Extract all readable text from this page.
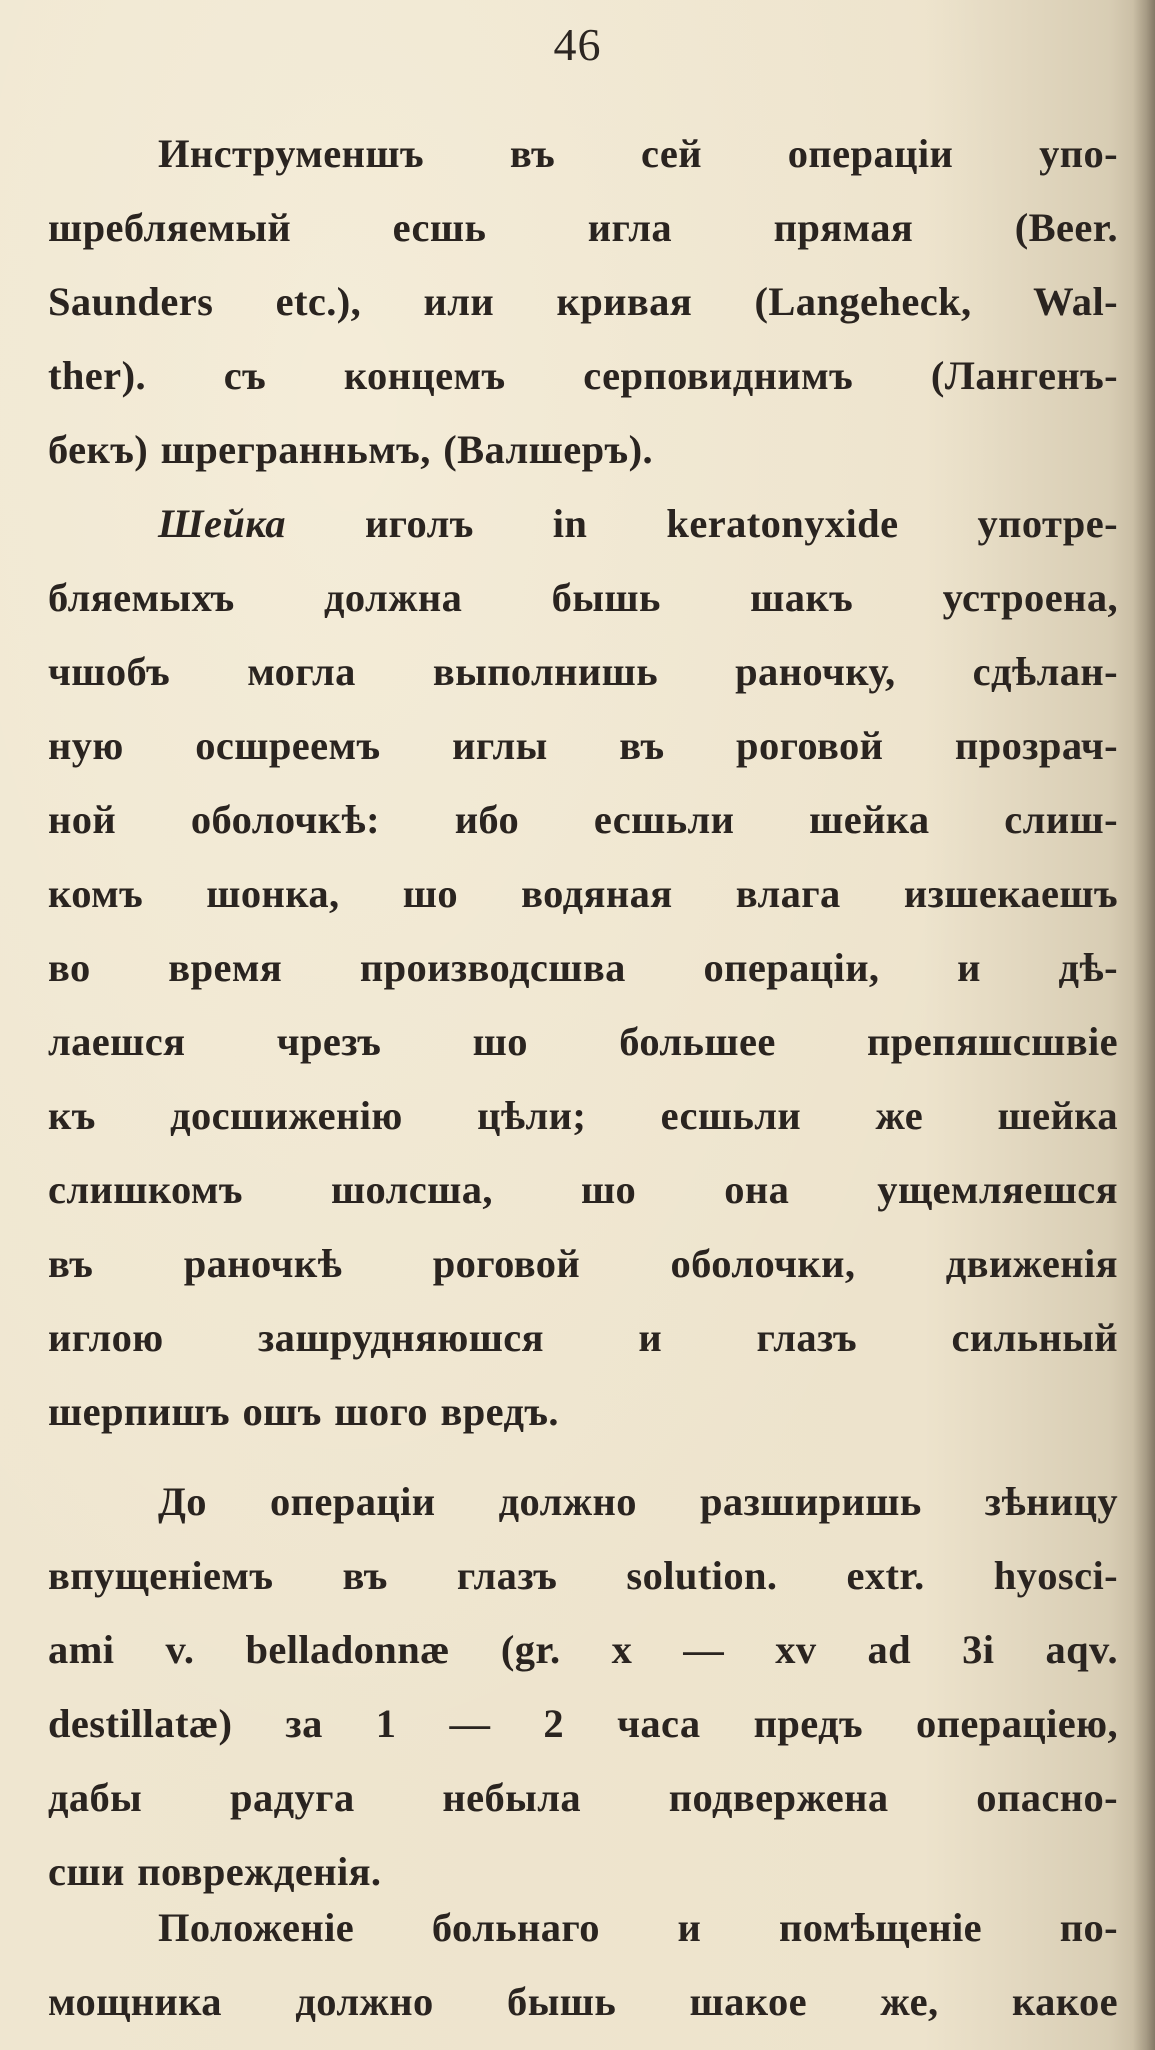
46
Инструменшъ въ сей операціи упо-
шребляемый есшь игла прямая (Beer.
Saunders etc.), или кривая (Langeheck, Wal-
ther). съ концемъ серповиднимъ (Лангенъ-
бекъ) шрегранньмъ, (Валшеръ).
Шейка иголъ in keratonyxide употре-
бляемыхъ должна бышь шакъ устроена,
чшобъ могла выполнишь раночку, сдѣлан-
ную осшреемъ иглы въ роговой прозрач-
ной оболочкѣ: ибо есшьли шейка слиш-
комъ шонка, шо водяная влага изшекаешъ
во время производсшва операціи, и дѣ-
лаешся чрезъ шо большее препяшсшвіе
къ досшиженію цѣли; есшьли же шейка
слишкомъ шолсша, шо она ущемляешся
въ раночкѣ роговой оболочки, движенія
иглою зашрудняюшся и глазъ сильный
шерпишъ ошъ шого вредъ.
До операціи должно разширишь зѣницу
впущеніемъ въ глазъ solution. extr. hyosci-
ami v. belladonnæ (gr. x — xv ad 3i aqv.
destillatæ) за 1 — 2 часа предъ операціею,
дабы радуга небыла подвержена опасно-
сши поврежденія.
Положеніе больнаго и помѣщеніе по-
мощника должно бышь шакое же, какое
